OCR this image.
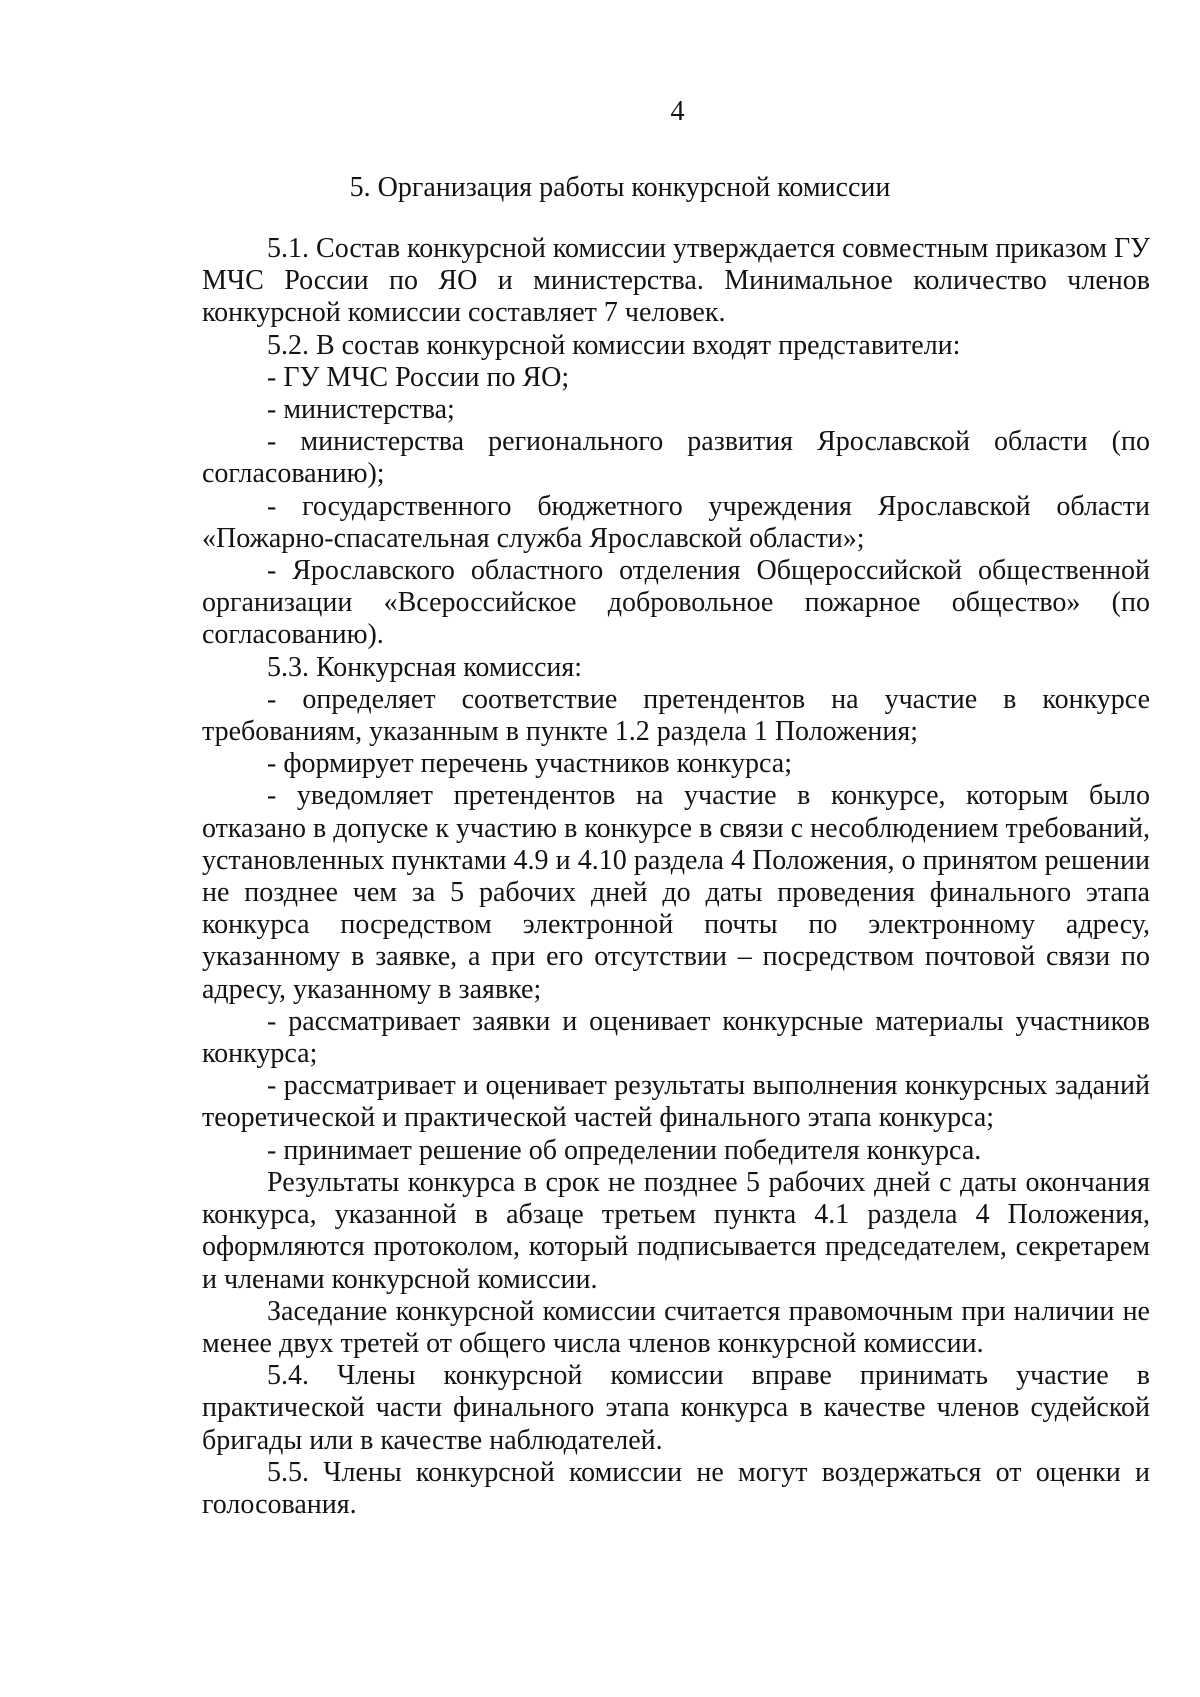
4
5. Организация работы конкурсной комиссии

5.1. Состав конкурсной комиссии утверждается совместным приказом ГУ МЧС России по ЯО и министерства. Минимальное количество членов конкурсной комиссии составляет 7 человек.

5.2. В состав конкурсной комиссии входят представители:

- ГУ МЧС России по ЯО;

- министерства;

- министерства регионального развития Ярославской области (по согласованию);

- государственного бюджетного учреждения Ярославской области «Пожарно-спасательная служба Ярославской области»;

- Ярославского областного отделения Общероссийской общественной организации «Всероссийское добровольное пожарное общество» (по согласованию).

5.3. Конкурсная комиссия:

- определяет соответствие претендентов на участие в конкурсе требованиям, указанным в пункте 1.2 раздела 1 Положения;

- формирует перечень участников конкурса;

- уведомляет претендентов на участие в конкурсе, которым было отказано в допуске к участию в конкурсе в связи с несоблюдением требований, установленных пунктами 4.9 и 4.10 раздела 4 Положения, о принятом решении не позднее чем за 5 рабочих дней до даты проведения финального этапа конкурса посредством электронной почты по электронному адресу, указанному в заявке, а при его отсутствии – посредством почтовой связи по адресу, указанному в заявке;

- рассматривает заявки и оценивает конкурсные материалы участников конкурса;

- рассматривает и оценивает результаты выполнения конкурсных заданий теоретической и практической частей финального этапа конкурса;

- принимает решение об определении победителя конкурса.

Результаты конкурса в срок не позднее 5 рабочих дней с даты окончания конкурса, указанной в абзаце третьем пункта 4.1 раздела 4 Положения, оформляются протоколом, который подписывается председателем, секретарем и членами конкурсной комиссии.

Заседание конкурсной комиссии считается правомочным при наличии не менее двух третей от общего числа членов конкурсной комиссии.

5.4. Члены конкурсной комиссии вправе принимать участие в практической части финального этапа конкурса в качестве членов судейской бригады или в качестве наблюдателей.

5.5. Члены конкурсной комиссии не могут воздержаться от оценки и голосования.
